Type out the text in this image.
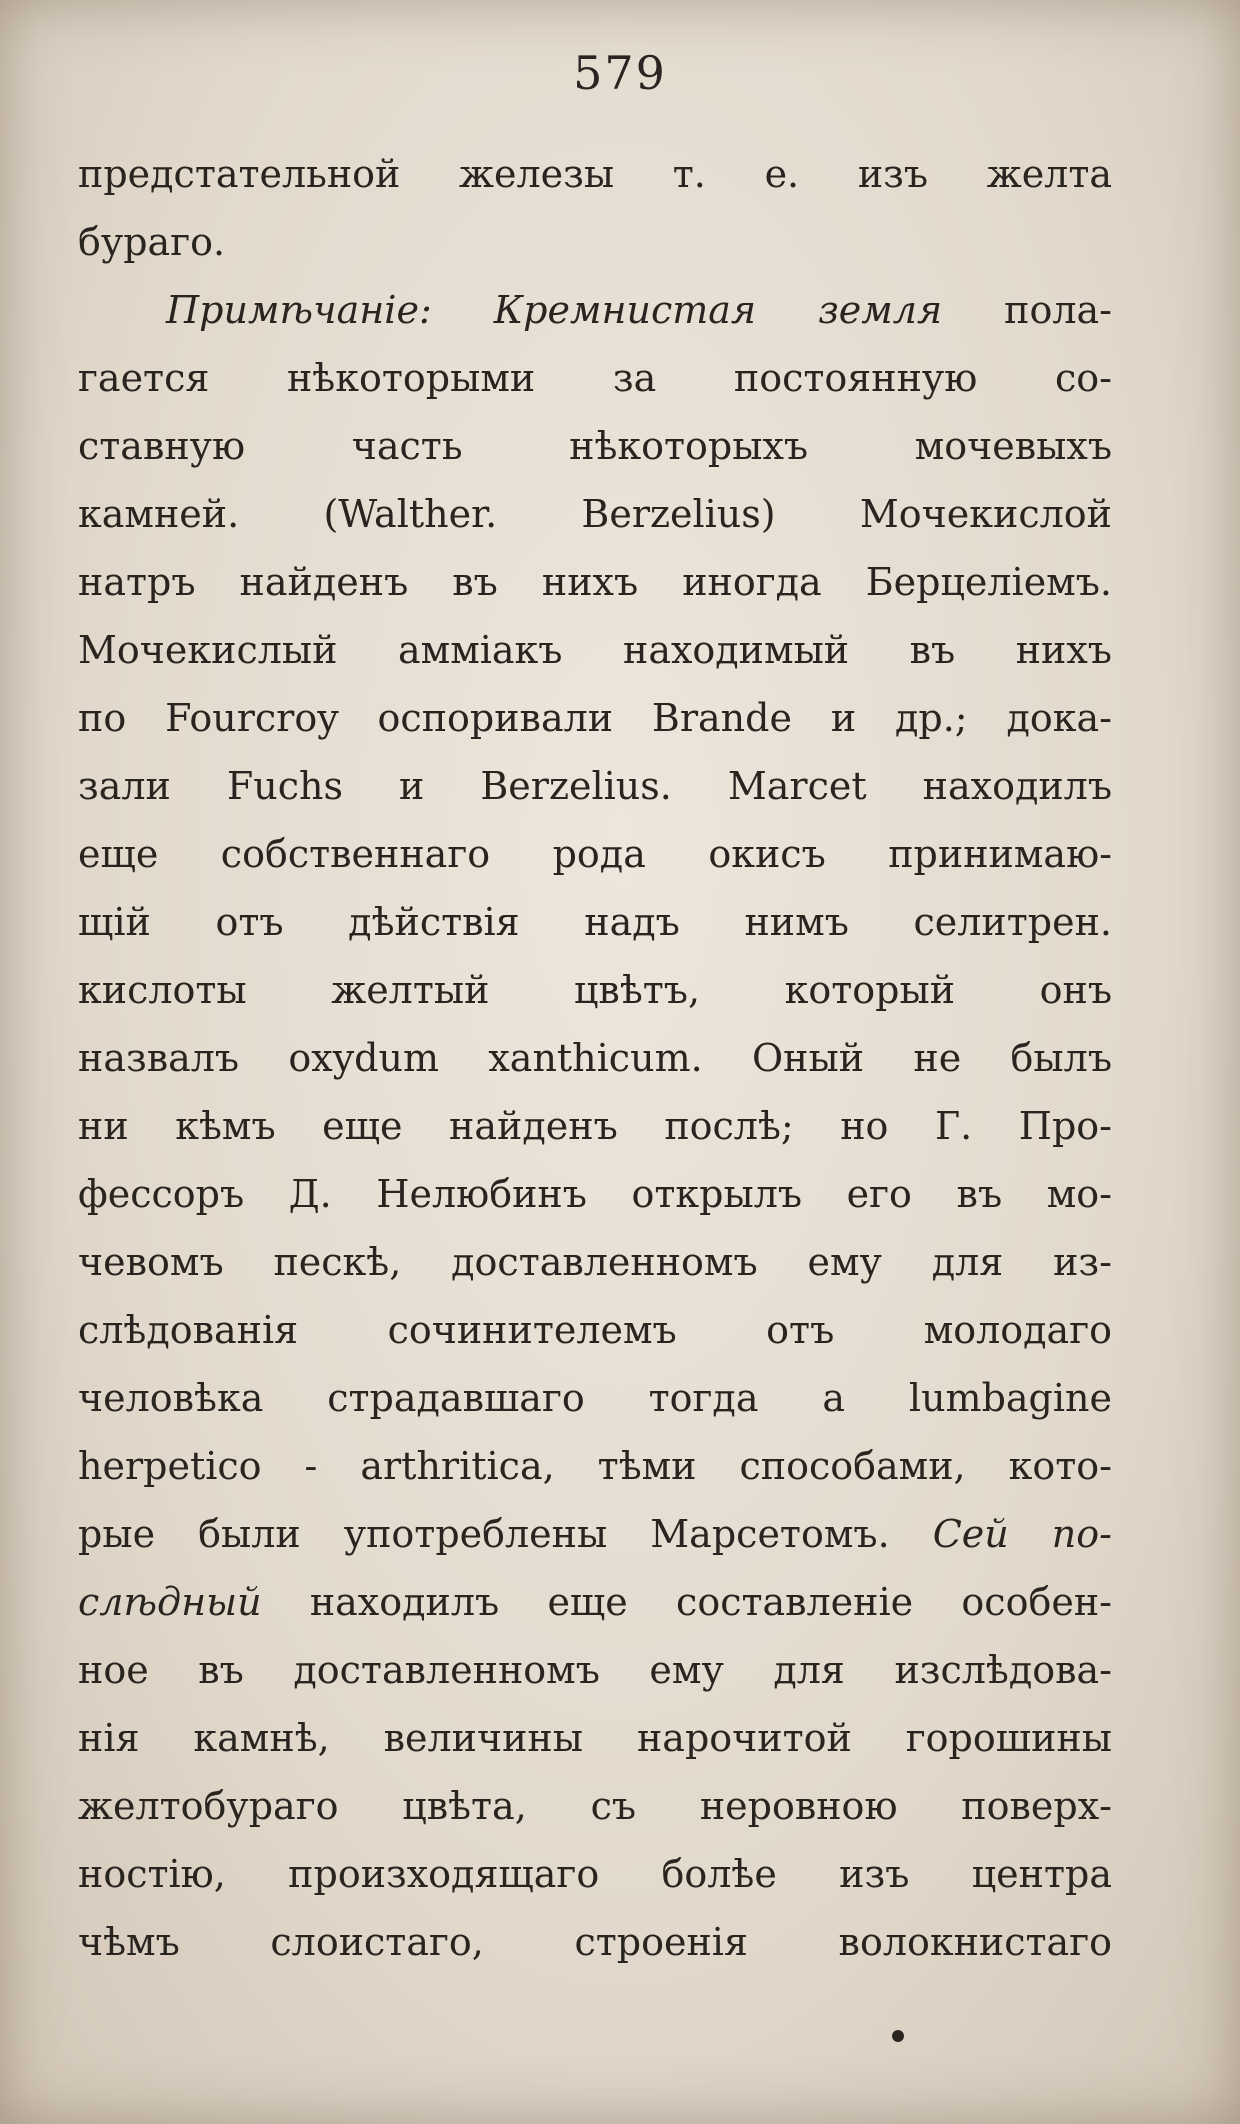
579
предстательной железы т. е. изъ желта
бураго.
Примѣчаніе: Кремнистая земля пола-
гается нѣкоторыми за постоянную со-
ставную часть нѣкоторыхъ мочевыхъ
камней. (Walther. Berzelius) Мочекислой
натръ найденъ въ нихъ иногда Берцеліемъ.
Мочекислый аммiакъ находимый въ нихъ
по Fourcroy оспоривали Brande и др.; дока-
зали Fuchs и Berzelius. Marcet находилъ
еще собственнаго рода окисъ принимаю-
щій отъ дѣйствія надъ нимъ селитрен.
кислоты желтый цвѣтъ, который онъ
назвалъ oxydum xanthicum. Оный не былъ
ни кѣмъ еще найденъ послѣ; но Г. Про-
фессоръ Д. Нелюбинъ открылъ его въ мо-
чевомъ пескѣ, доставленномъ ему для из-
слѣдованія сочинителемъ отъ молодаго
человѣка страдавшаго тогда a lumbagine
herpetico - arthritica, тѣми способами, кото-
рые были употреблены Марсетомъ. Сей по-
слѣдный находилъ еще составленіе особен-
ное въ доставленномъ ему для изслѣдова-
нія камнѣ, величины нарочитой горошины
желтобураго цвѣта, съ неровною поверх-
ностію, произходящаго болѣе изъ центра
чѣмъ слоистаго, строенія волокнистаго
